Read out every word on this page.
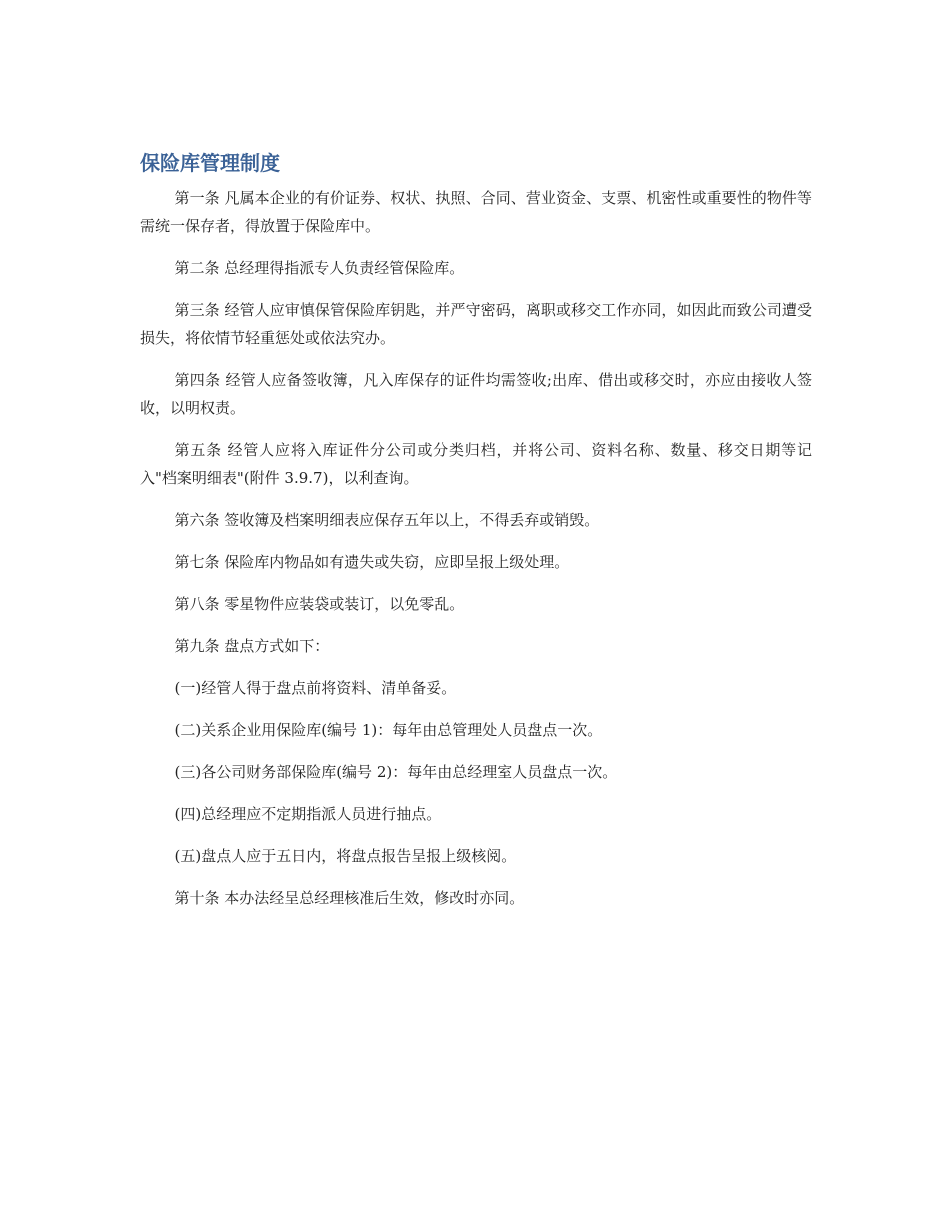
保险库管理制度

第一条 凡属本企业的有价证券、权状、执照、合同、营业资金、支票、机密性或重要性的物件等需统一保存者，得放置于保险库中。

第二条 总经理得指派专人负责经管保险库。

第三条 经管人应审慎保管保险库钥匙，并严守密码，离职或移交工作亦同，如因此而致公司遭受损失，将依情节轻重惩处或依法究办。

第四条 经管人应备签收簿，凡入库保存的证件均需签收;出库、借出或移交时，亦应由接收人签收，以明权责。

第五条 经管人应将入库证件分公司或分类归档，并将公司、资料名称、数量、移交日期等记入"档案明细表"(附件 3.9.7)，以利查询。

第六条 签收簿及档案明细表应保存五年以上，不得丢弃或销毁。

第七条 保险库内物品如有遗失或失窃，应即呈报上级处理。

第八条 零星物件应装袋或装订，以免零乱。

第九条 盘点方式如下：

(一)经管人得于盘点前将资料、清单备妥。

(二)关系企业用保险库(编号 1)：每年由总管理处人员盘点一次。

(三)各公司财务部保险库(编号 2)：每年由总经理室人员盘点一次。

(四)总经理应不定期指派人员进行抽点。

(五)盘点人应于五日内，将盘点报告呈报上级核阅。

第十条 本办法经呈总经理核准后生效，修改时亦同。
